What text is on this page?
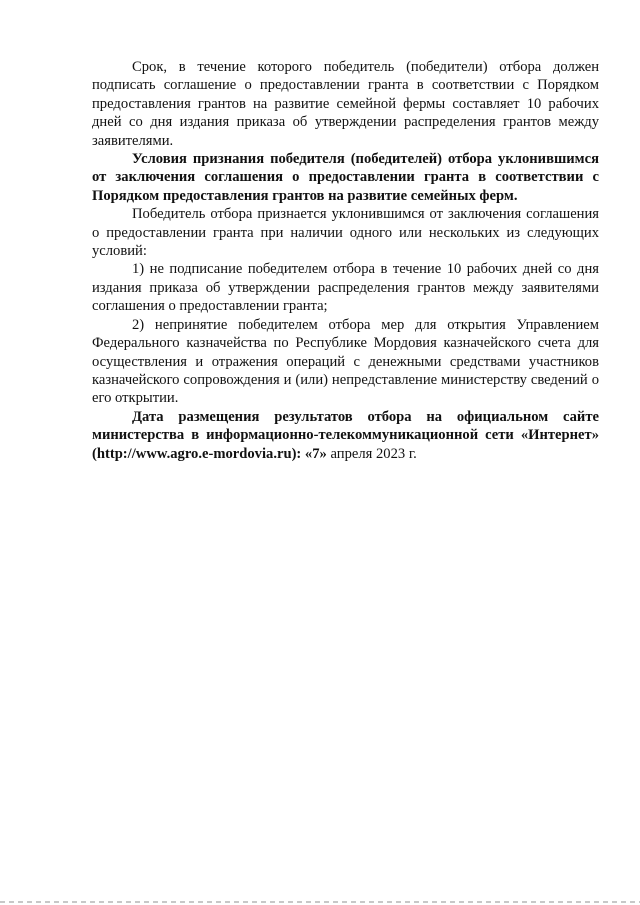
Срок, в течение которого победитель (победители) отбора должен подписать соглашение о предоставлении гранта в соответствии с Порядком предоставления грантов на развитие семейной фермы составляет 10 рабочих дней со дня издания приказа об утверждении распределения грантов между заявителями.

Условия признания победителя (победителей) отбора уклонившимся от заключения соглашения о предоставлении гранта в соответствии с Порядком предоставления грантов на развитие семейных ферм.

Победитель отбора признается уклонившимся от заключения соглашения о предоставлении гранта при наличии одного или нескольких из следующих условий:

1) не подписание победителем отбора в течение 10 рабочих дней со дня издания приказа об утверждении распределения грантов между заявителями соглашения о предоставлении гранта;

2) непринятие победителем отбора мер для открытия Управлением Федерального казначейства по Республике Мордовия казначейского счета для осуществления и отражения операций с денежными средствами участников казначейского сопровождения и (или) непредставление министерству сведений о его открытии.

Дата размещения результатов отбора на официальном сайте министерства в информационно-телекоммуникационной сети «Интернет» (http://www.agro.e-mordovia.ru): «7» апреля 2023 г.
